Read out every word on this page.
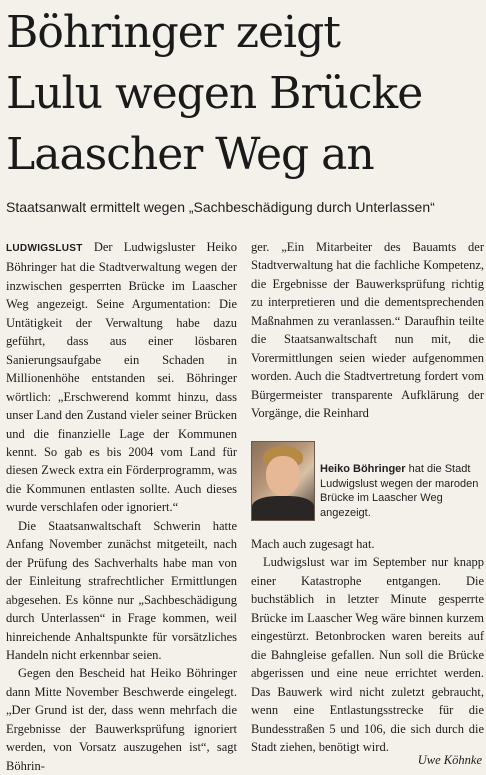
Böhringer zeigt
Lulu wegen Brücke
Laascher Weg an
Staatsanwalt ermittelt wegen „Sachbeschädigung durch Unterlassen“

LUDWIGSLUST Der Ludwigsluster Heiko Böhringer hat die Stadtverwaltung wegen der inzwischen gesperrten Brücke im Laascher Weg angezeigt. Seine Argumentation: Die Untätigkeit der Verwaltung habe dazu geführt, dass aus einer lösbaren Sanierungsaufgabe ein Schaden in Millionenhöhe entstanden sei. Böhringer wörtlich: „Erschwerend kommt hinzu, dass unser Land den Zustand vieler seiner Brücken und die finanzielle Lage der Kommunen kennt. So gab es bis 2004 vom Land für diesen Zweck extra ein Förderprogramm, was die Kommunen entlasten sollte. Auch dieses wurde verschlafen oder ignoriert.“

Die Staatsanwaltschaft Schwerin hatte Anfang November zunächst mitgeteilt, nach der Prüfung des Sachverhalts habe man von der Einleitung strafrechtlicher Ermittlungen abgesehen. Es könne nur „Sachbeschädigung durch Unterlassen“ in Frage kommen, weil hinreichende Anhaltspunkte für vorsätzliches Handeln nicht erkennbar seien.

Gegen den Bescheid hat Heiko Böhringer dann Mitte November Beschwerde eingelegt. „Der Grund ist der, dass wenn mehrfach die Ergebnisse der Bauwerksprüfung ignoriert werden, von Vorsatz auszugehen ist“, sagt Böhrin-

ger. „Ein Mitarbeiter des Bauamts der Stadtverwaltung hat die fachliche Kompetenz, die Ergebnisse der Bauwerksprüfung richtig zu interpretieren und die dementsprechenden Maßnahmen zu veranlassen.“ Daraufhin teilte die Staatsanwaltschaft nun mit, die Vorermittlungen seien wieder aufgenommen worden. Auch die Stadtvertretung fordert vom Bürgermeister transparente Aufklärung der Vorgänge, die Reinhard

Heiko Böhringer hat die Stadt Ludwigslust wegen der maroden Brücke im Laascher Weg angezeigt.

Mach auch zugesagt hat.

Ludwigslust war im September nur knapp einer Katastrophe entgangen. Die buchstäblich in letzter Minute gesperrte Brücke im Laascher Weg wäre binnen kurzem eingestürzt. Betonbrocken waren bereits auf die Bahngleise gefallen. Nun soll die Brücke abgerissen und eine neue errichtet werden. Das Bauwerk wird nicht zuletzt gebraucht, wenn eine Entlastungsstrecke für die Bundesstraßen 5 und 106, die sich durch die Stadt ziehen, benötigt wird.

Uwe Köhnke
